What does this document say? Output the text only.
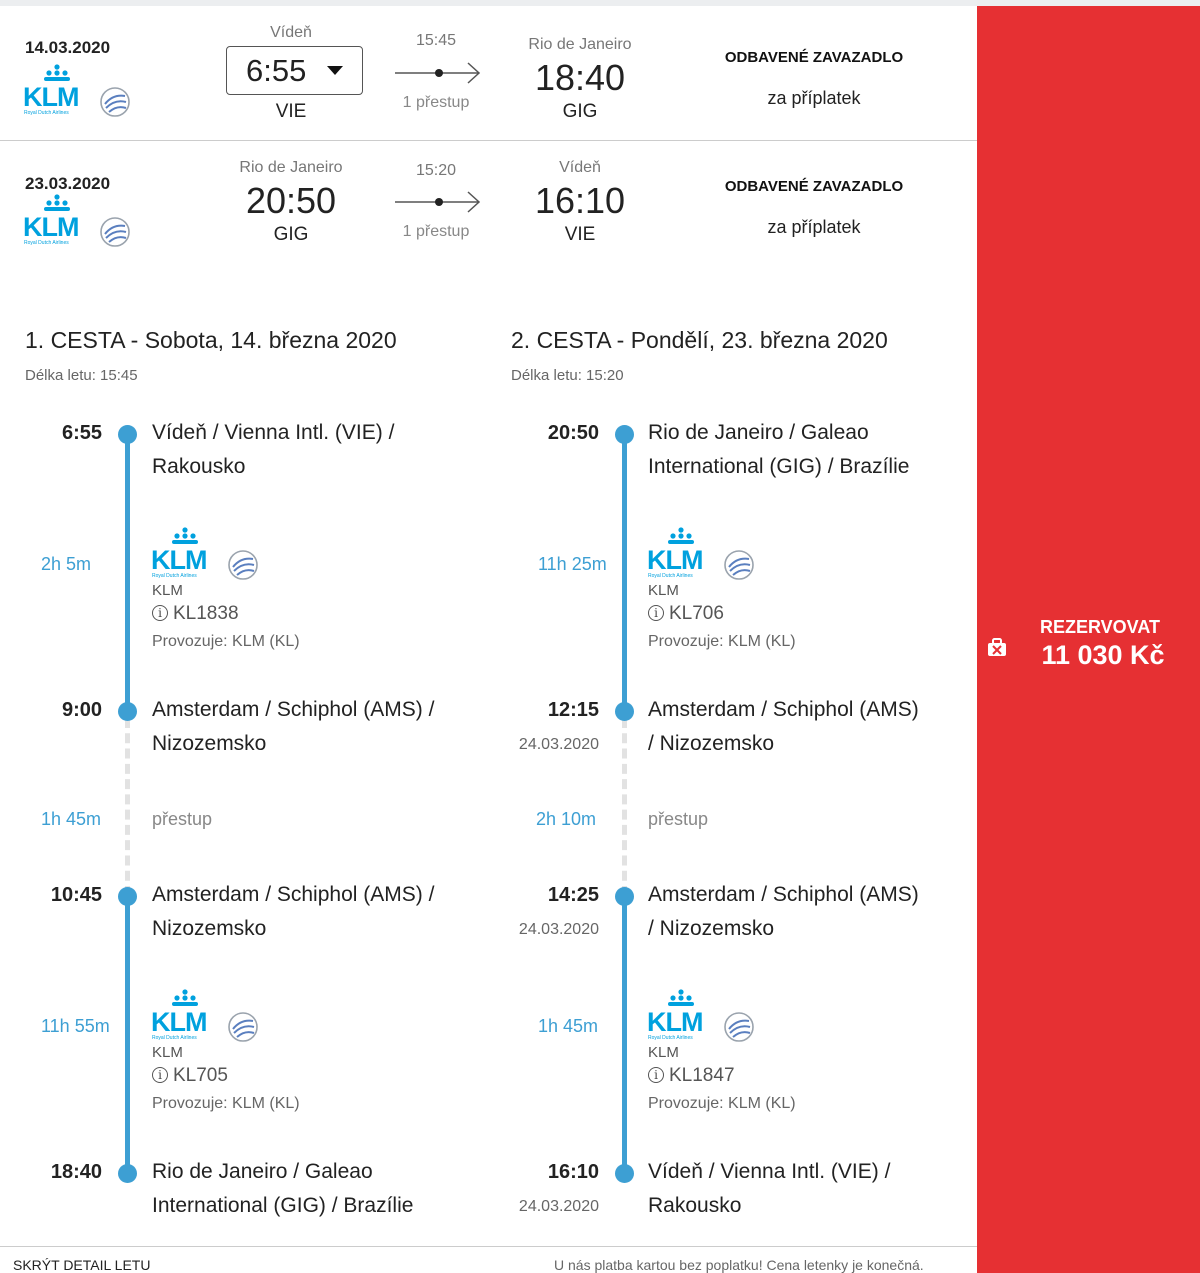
14.03.2020
Vídeň
6:55
VIE
15:45
1 přestup
Rio de Janeiro
18:40
GIG
ODBAVENÉ ZAVAZADLO
za příplatek
23.03.2020
Rio de Janeiro
20:50
GIG
15:20
1 přestup
Vídeň
16:10
VIE
ODBAVENÉ ZAVAZADLO
za příplatek
1. CESTA - Sobota, 14. března 2020
Délka letu: 15:45
6:55 Vídeň / Vienna Intl. (VIE) /
Rakousko
2h 5m
KLM
i KL1838
Provozuje: KLM (KL)
9:00 Amsterdam / Schiphol (AMS) /
Nizozemsko
1h 45m	přestup
10:45 Amsterdam / Schiphol (AMS) /
Nizozemsko
11h 55m
KLM
i KL705
Provozuje: KLM (KL)
18:40 Rio de Janeiro / Galeao
International (GIG) / Brazílie
2. CESTA - Pondělí, 23. března 2020
Délka letu: 15:20
20:50 Rio de Janeiro / Galeao
International (GIG) / Brazílie
11h 25m
KLM
i KL706
Provozuje: KLM (KL)
12:15
24.03.2020
Amsterdam / Schiphol (AMS)
/ Nizozemsko
2h 10m	přestup
14:25
24.03.2020
Amsterdam / Schiphol (AMS)
/ Nizozemsko
1h 45m
KLM
i KL1847
Provozuje: KLM (KL)
16:10
24.03.2020
Vídeň / Vienna Intl. (VIE) /
Rakousko
SKRÝT DETAIL LETU	U nás platba kartou bez poplatku! Cena letenky je konečná.
REZERVOVAT
11 030 Kč
